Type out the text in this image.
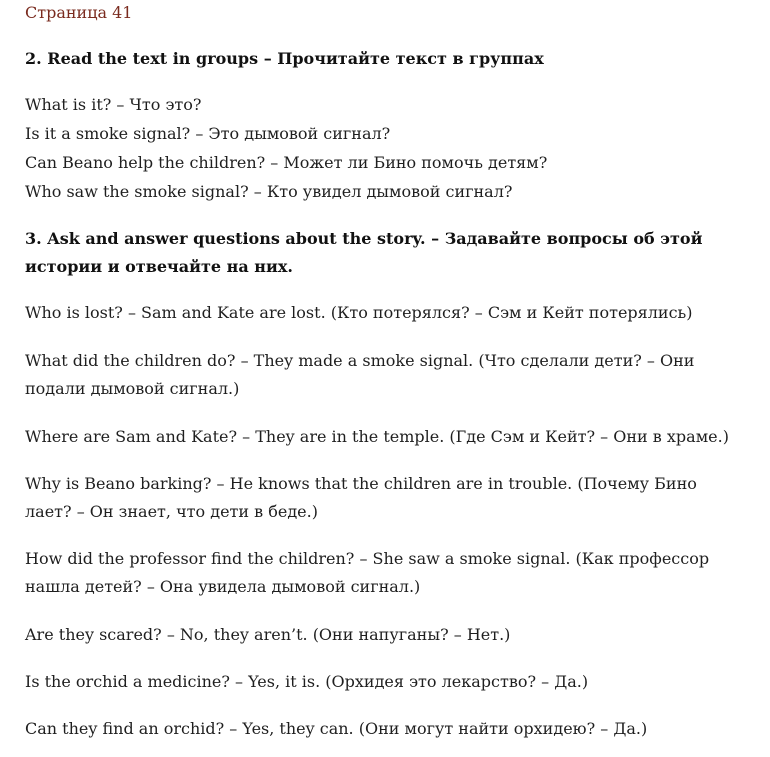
Страница 41
2. Read the text in groups – Прочитайте текст в группах
What is it? – Что это?
Is it a smoke signal? – Это дымовой сигнал?
Can Beano help the children? – Может ли Бино помочь детям?
Who saw the smoke signal? – Кто увидел дымовой сигнал?
3. Ask and answer questions about the story. – Задавайте вопросы об этой истории и отвечайте на них.
Who is lost? – Sam and Kate are lost. (Кто потерялся? – Сэм и Кейт потерялись)
What did the children do? – They made a smoke signal. (Что сделали дети? – Они подали дымовой сигнал.)
Where are Sam and Kate? – They are in the temple. (Где Сэм и Кейт? – Они в храме.)
Why is Beano barking? – He knows that the children are in trouble. (Почему Бино лает? – Он знает, что дети в беде.)
How did the professor find the children? – She saw a smoke signal. (Как профессор нашла детей? – Она увидела дымовой сигнал.)
Are they scared? – No, they aren’t. (Они напуганы? – Нет.)
Is the orchid a medicine? – Yes, it is. (Орхидея это лекарство? – Да.)
Can they find an orchid? – Yes, they can. (Они могут найти орхидею? – Да.)
